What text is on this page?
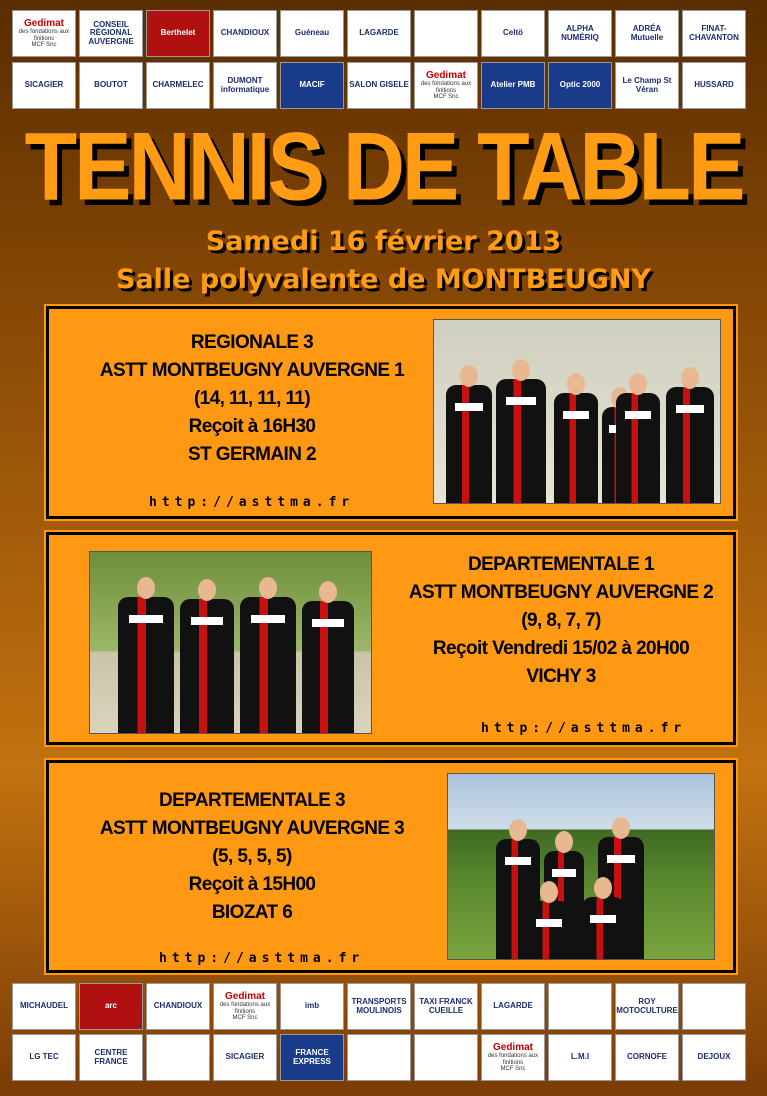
Gedimat
des fondations aux finitions
MCF Snc
CONSEIL RÉGIONAL AUVERGNE
Berthelet	CHANDIOUX	Guéneau	LAGARDE	Celtö	ALPHA NUMÉRIQ
ADRÉA Mutuelle
FINAT-CHAVANTON
SICAGIER	BOUTOT	CHARMELEC	DUMONT informatique	MACIF	SALON GISELE
Gedimat
des fondations aux finitions
MCF Snc
Atelier PMB	Optic 2000	Le Champ St Véran	HUSSARD
TENNIS DE TABLE
Samedi 16 février 2013
Salle polyvalente de MONTBEUGNY
REGIONALE 3
ASTT MONTBEUGNY AUVERGNE 1
(14, 11, 11, 11)
Reçoit à 16H30
ST GERMAIN 2
http://asttma.fr
DEPARTEMENTALE 1
ASTT MONTBEUGNY AUVERGNE 2
(9, 8, 7, 7)
Reçoit Vendredi 15/02 à 20H00
VICHY 3
http://asttma.fr
DEPARTEMENTALE 3
ASTT MONTBEUGNY AUVERGNE 3
(5, 5, 5, 5)
Reçoit à 15H00
BIOZAT 6
http://asttma.fr
MICHAUDEL	arc	CHANDIOUX
Gedimat
des fondations aux finitions
MCF Snc
imb	TRANSPORTS MOULINOIS
TAXI FRANCK CUEILLE	LAGARDE	ROY MOTOCULTURE
LG TEC	CENTRE FRANCE	SICAGIER	FRANCE EXPRESS
Gedimat
des fondations aux finitions
MCF Snc
L.M.I	CORNOFE	DEJOUX
